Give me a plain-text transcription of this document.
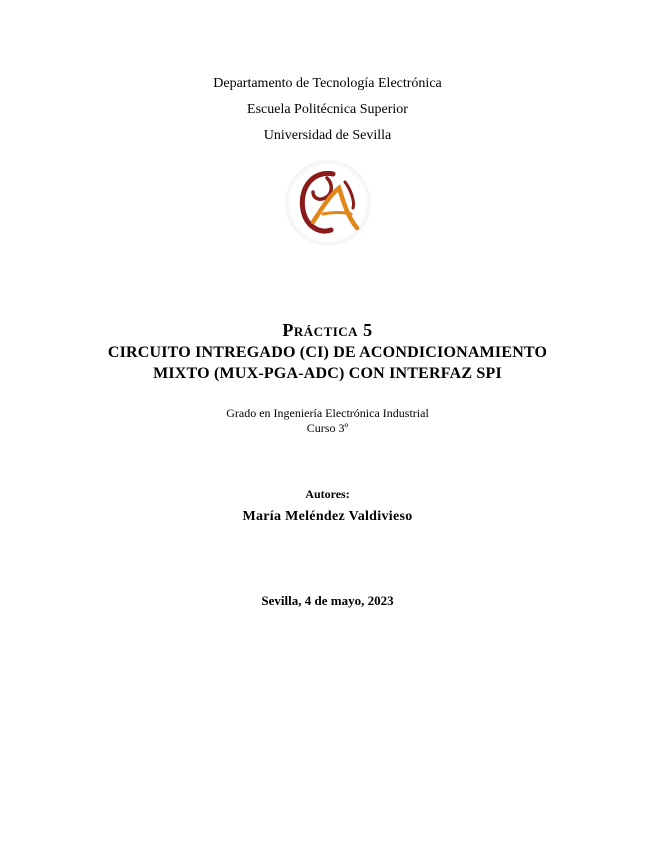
Departamento de Tecnología Electrónica
Escuela Politécnica Superior
Universidad de Sevilla
Práctica 5
CIRCUITO INTREGADO (CI) DE ACONDICIONAMIENTO
MIXTO (MUX-PGA-ADC) CON INTERFAZ SPI
Grado en Ingeniería Electrónica Industrial
Curso 3º
Autores:
María Meléndez Valdivieso
Sevilla, 4 de mayo, 2023
